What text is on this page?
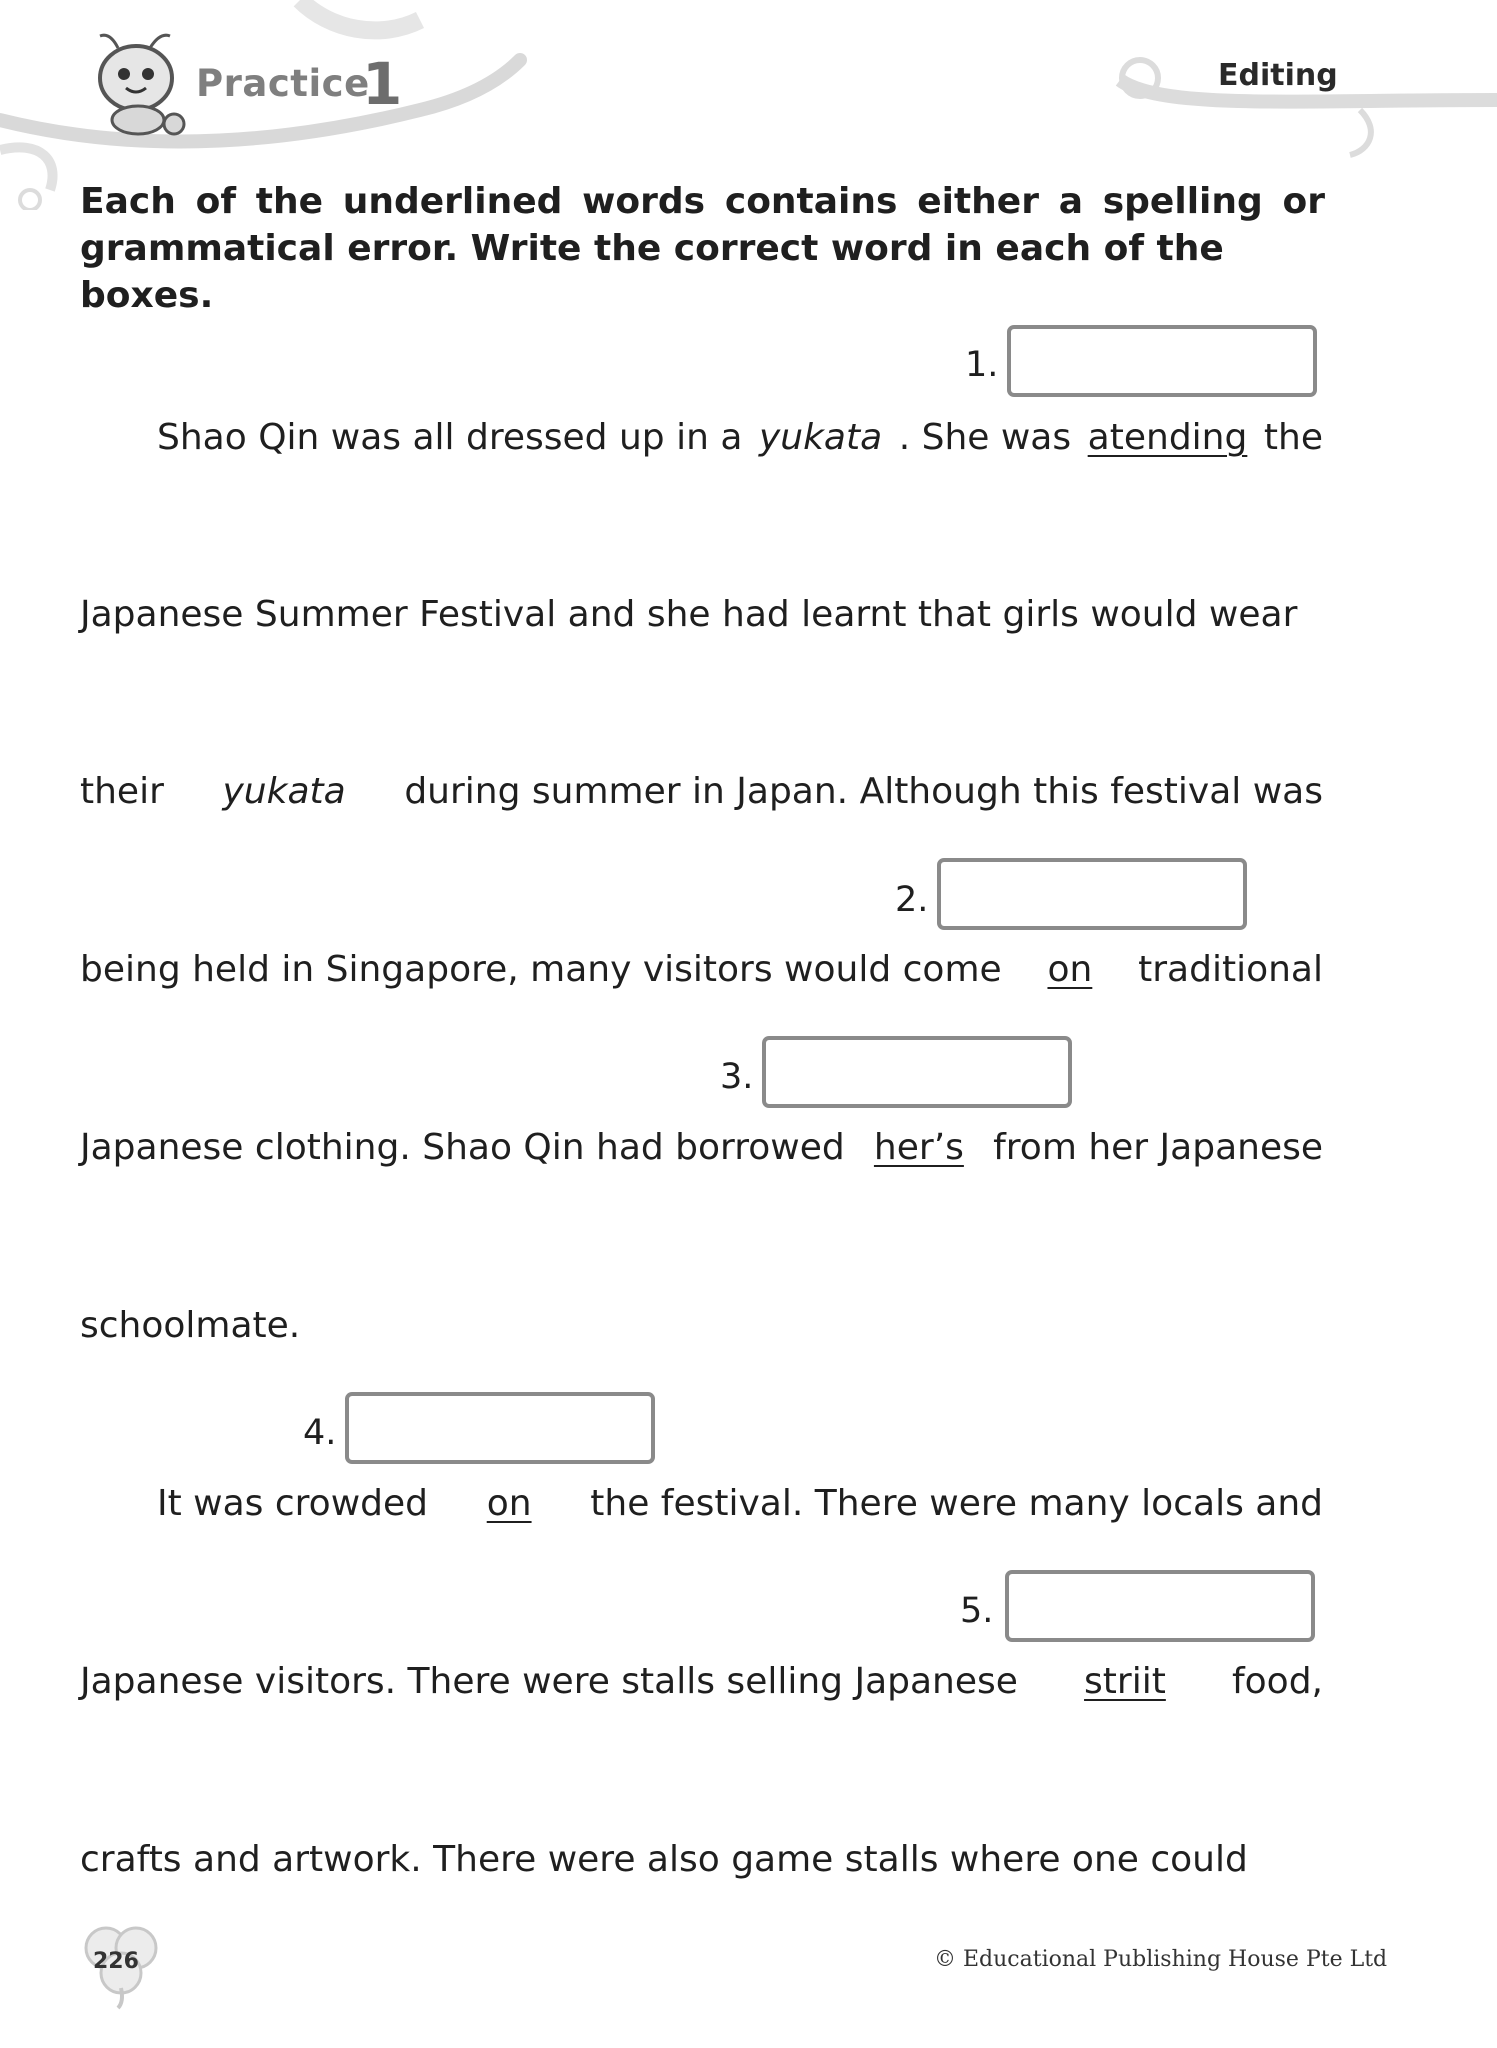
Practice
1	Editing
Each of the underlined words contains either a spelling or
grammatical error. Write the correct word in each of the boxes.
1.
Shao Qin was all dressed up in a yukata . She was atending the
Japanese Summer Festival and she had learnt that girls would wear
their yukata during summer in Japan. Although this festival was
2.
being held in Singapore, many visitors would come on traditional
3.
Japanese clothing. Shao Qin had borrowed her’s from her Japanese
schoolmate.
4.
It was crowded on the festival. There were many locals and
5.
Japanese visitors. There were stalls selling Japanese striit food,
crafts and artwork. There were also game stalls where one could
226	© Educational Publishing House Pte Ltd
